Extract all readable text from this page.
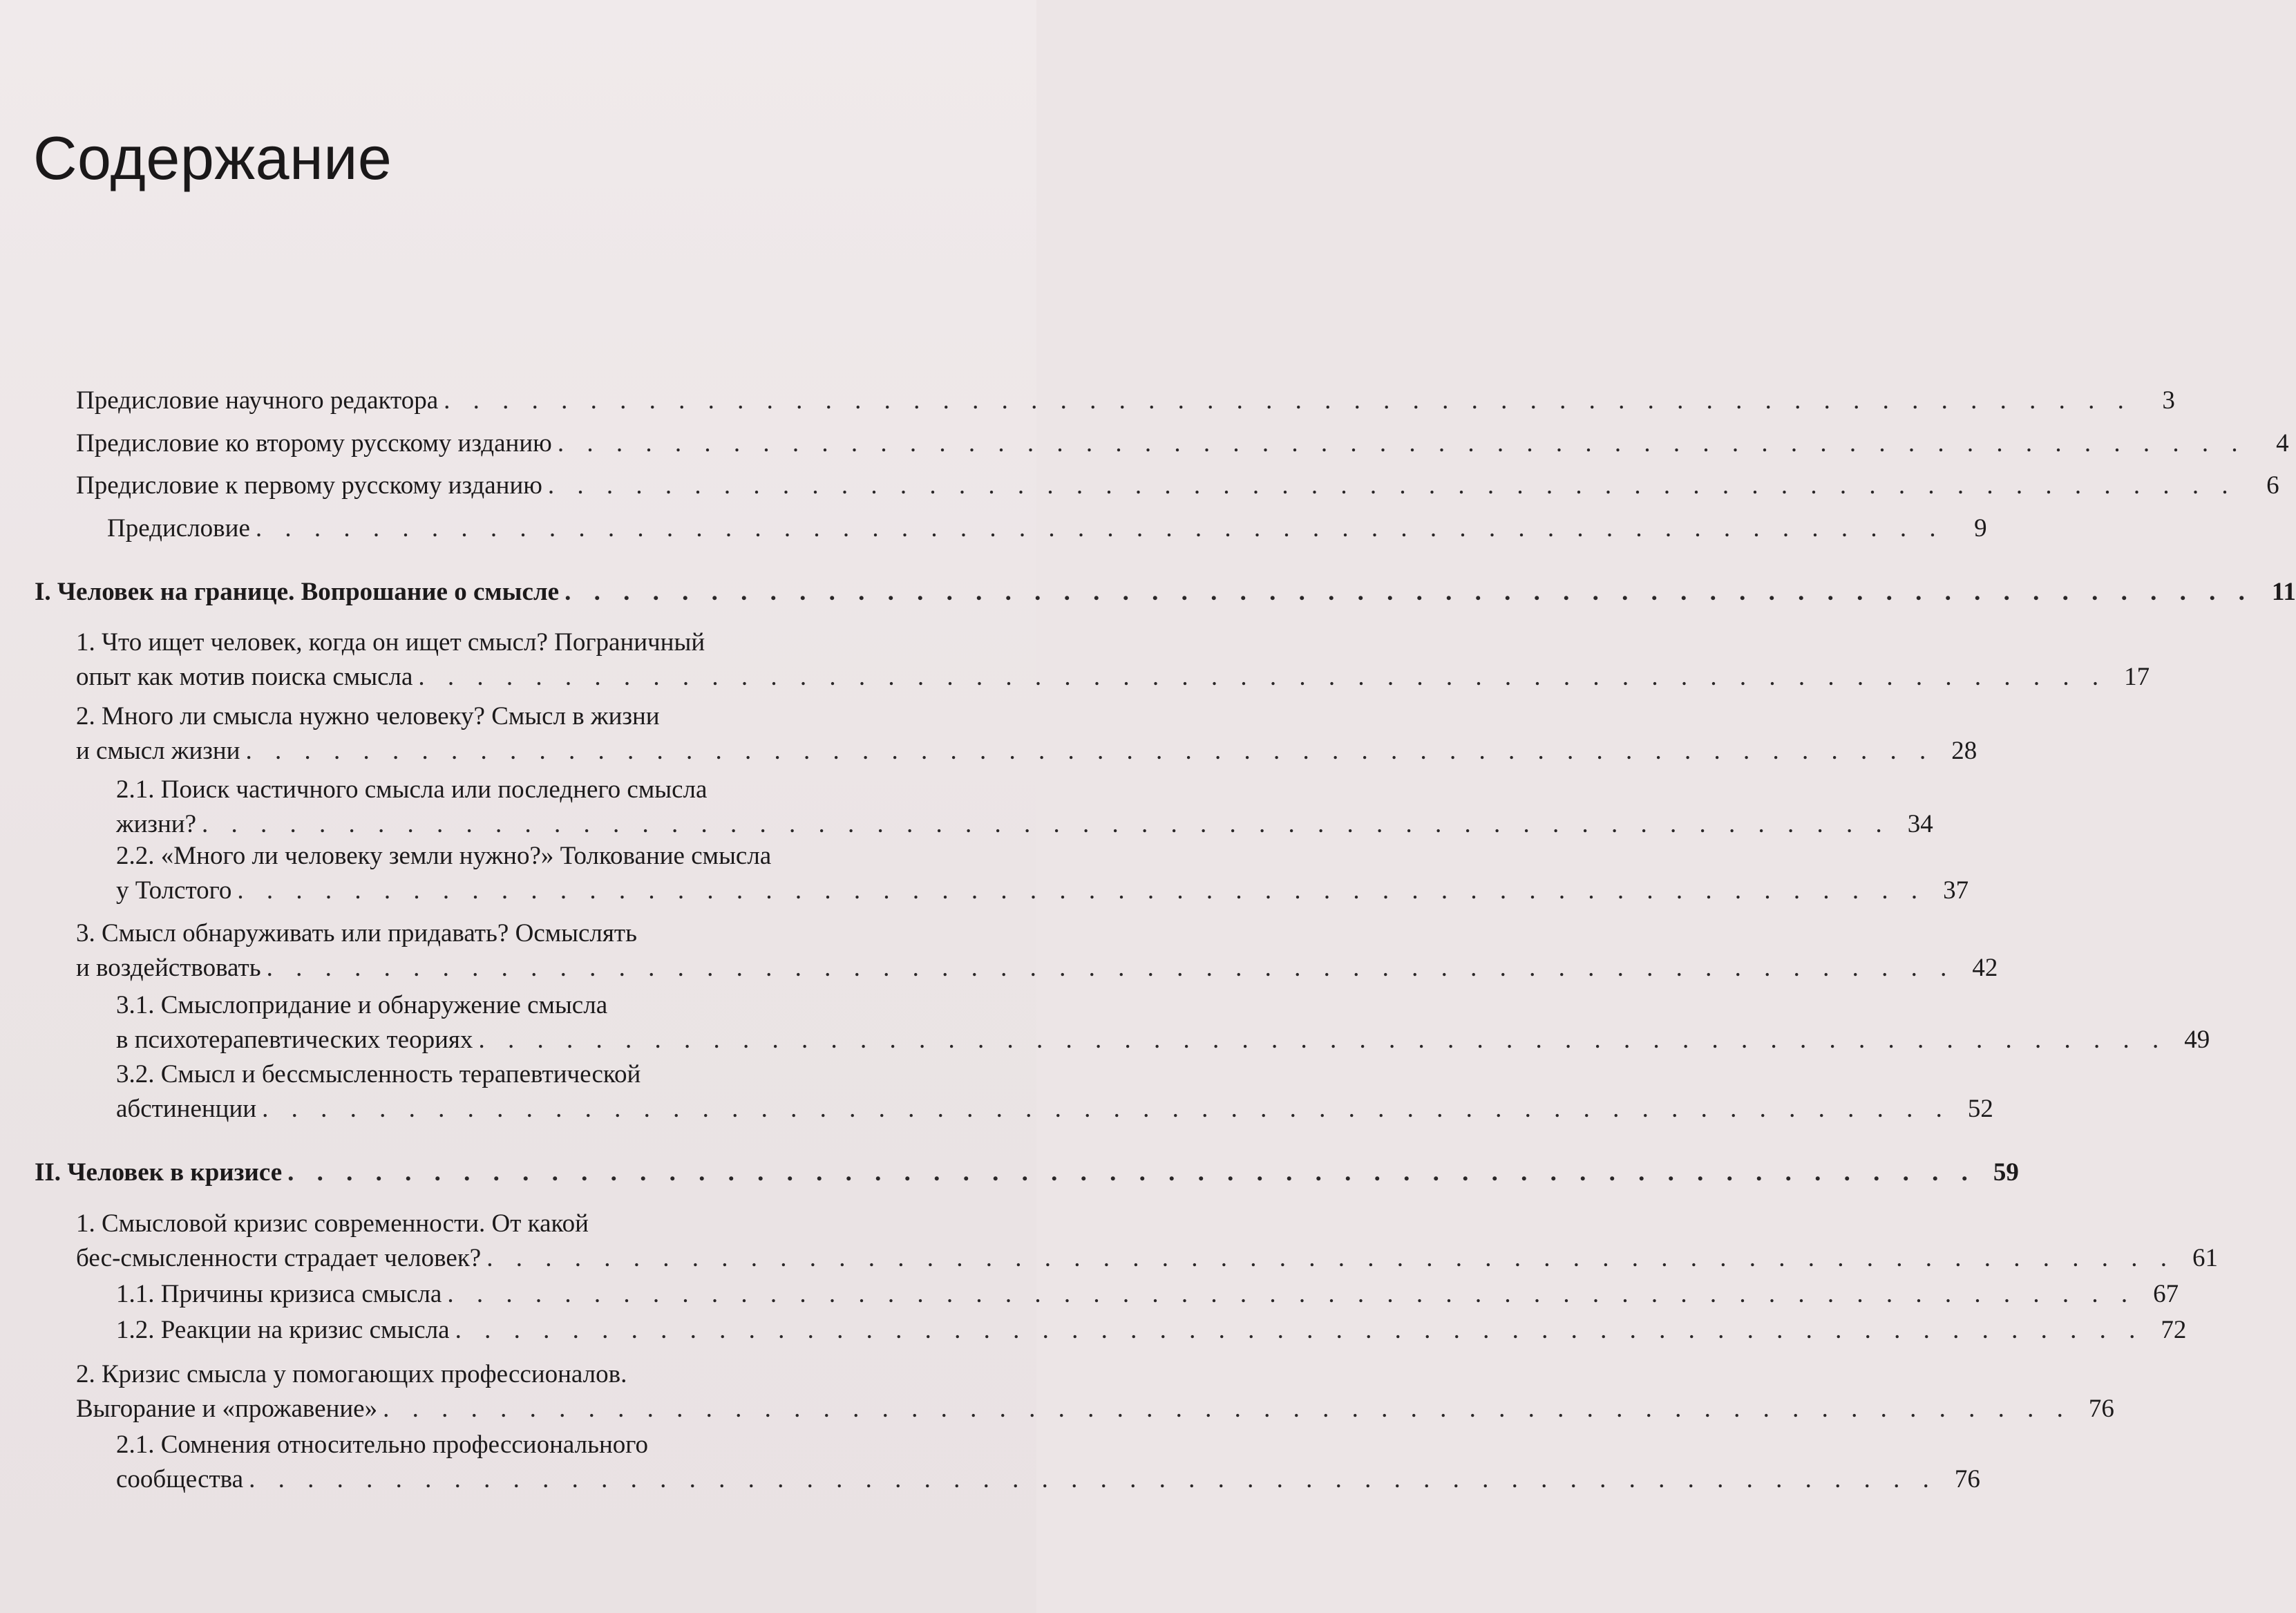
Содержание
Предисловие научного редактора . . . . . . . . . . . . . . . . . . . . . . . . . . . . . . . . . . . . . . . . . . . . . . . . . . . . . . . . . .	3
Предисловие ко второму русскому изданию . . . . . . . . . . . . . . . . . . . . . . . . . . . . . . . . . . . . . . . . . . . . . . . . . . . . . . . . . .	4
Предисловие к первому русскому изданию . . . . . . . . . . . . . . . . . . . . . . . . . . . . . . . . . . . . . . . . . . . . . . . . . . . . . . . . . .	6
Предисловие . . . . . . . . . . . . . . . . . . . . . . . . . . . . . . . . . . . . . . . . . . . . . . . . . . . . . . . . . .	9
I. Человек на границе. Вопрошание о смысле . . . . . . . . . . . . . . . . . . . . . . . . . . . . . . . . . . . . . . . . . . . . . . . . . . . . . . . . . . 11
1. Что ищет человек, когда он ищет смысл? Пограничный
опыт как мотив поиска смысла . . . . . . . . . . . . . . . . . . . . . . . . . . . . . . . . . . . . . . . . . . . . . . . . . . . . . . . . . . 17
2. Много ли смысла нужно человеку? Смысл в жизни
и смысл жизни . . . . . . . . . . . . . . . . . . . . . . . . . . . . . . . . . . . . . . . . . . . . . . . . . . . . . . . . . . 28
2.1. Поиск частичного смысла или последнего смысла
жизни? . . . . . . . . . . . . . . . . . . . . . . . . . . . . . . . . . . . . . . . . . . . . . . . . . . . . . . . . . . 34
2.2. «Много ли человеку земли нужно?» Толкование смысла
у Толстого . . . . . . . . . . . . . . . . . . . . . . . . . . . . . . . . . . . . . . . . . . . . . . . . . . . . . . . . . . 37
3. Смысл обнаруживать или придавать? Осмыслять
и воздействовать . . . . . . . . . . . . . . . . . . . . . . . . . . . . . . . . . . . . . . . . . . . . . . . . . . . . . . . . . . 42
3.1. Смыслопридание и обнаружение смысла
в психотерапевтических теориях . . . . . . . . . . . . . . . . . . . . . . . . . . . . . . . . . . . . . . . . . . . . . . . . . . . . . . . . . . 49
3.2. Смысл и бессмысленность терапевтической
абстиненции . . . . . . . . . . . . . . . . . . . . . . . . . . . . . . . . . . . . . . . . . . . . . . . . . . . . . . . . . . 52
II. Человек в кризисе . . . . . . . . . . . . . . . . . . . . . . . . . . . . . . . . . . . . . . . . . . . . . . . . . . . . . . . . . . 59
1. Смысловой кризис современности. От какой
бес-смысленности страдает человек? . . . . . . . . . . . . . . . . . . . . . . . . . . . . . . . . . . . . . . . . . . . . . . . . . . . . . . . . . . 61
1.1. Причины кризиса смысла . . . . . . . . . . . . . . . . . . . . . . . . . . . . . . . . . . . . . . . . . . . . . . . . . . . . . . . . . . 67
1.2. Реакции на кризис смысла . . . . . . . . . . . . . . . . . . . . . . . . . . . . . . . . . . . . . . . . . . . . . . . . . . . . . . . . . . 72
2. Кризис смысла у помогающих профессионалов.
Выгорание и «прожавение» . . . . . . . . . . . . . . . . . . . . . . . . . . . . . . . . . . . . . . . . . . . . . . . . . . . . . . . . . . 76
2.1. Сомнения относительно профессионального
сообщества . . . . . . . . . . . . . . . . . . . . . . . . . . . . . . . . . . . . . . . . . . . . . . . . . . . . . . . . . . 76
